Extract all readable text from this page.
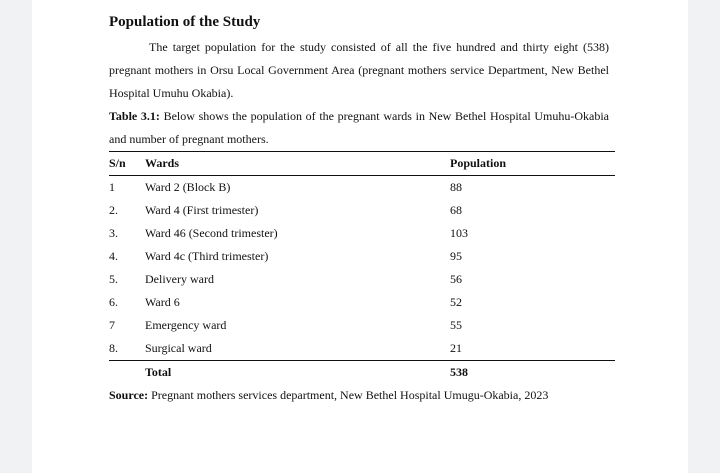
Population of the Study

The target population for the study consisted of all the five hundred and thirty eight (538) pregnant mothers in Orsu Local Government Area (pregnant mothers service Department, New Bethel Hospital Umuhu Okabia).

Table 3.1: Below shows the population of the pregnant wards in New Bethel Hospital Umuhu-Okabia and number of pregnant mothers.

S/n	Wards	Population
1	Ward 2 (Block B)	88
2.	Ward 4 (First trimester)	68
3.	Ward 46 (Second trimester)	103
4.	Ward 4c (Third trimester)	95
5.	Delivery ward	56
6.	Ward 6	52
7	Emergency ward	55
8.	Surgical ward	21
	Total	538

Source: Pregnant mothers services department, New Bethel Hospital Umugu-Okabia, 2023
